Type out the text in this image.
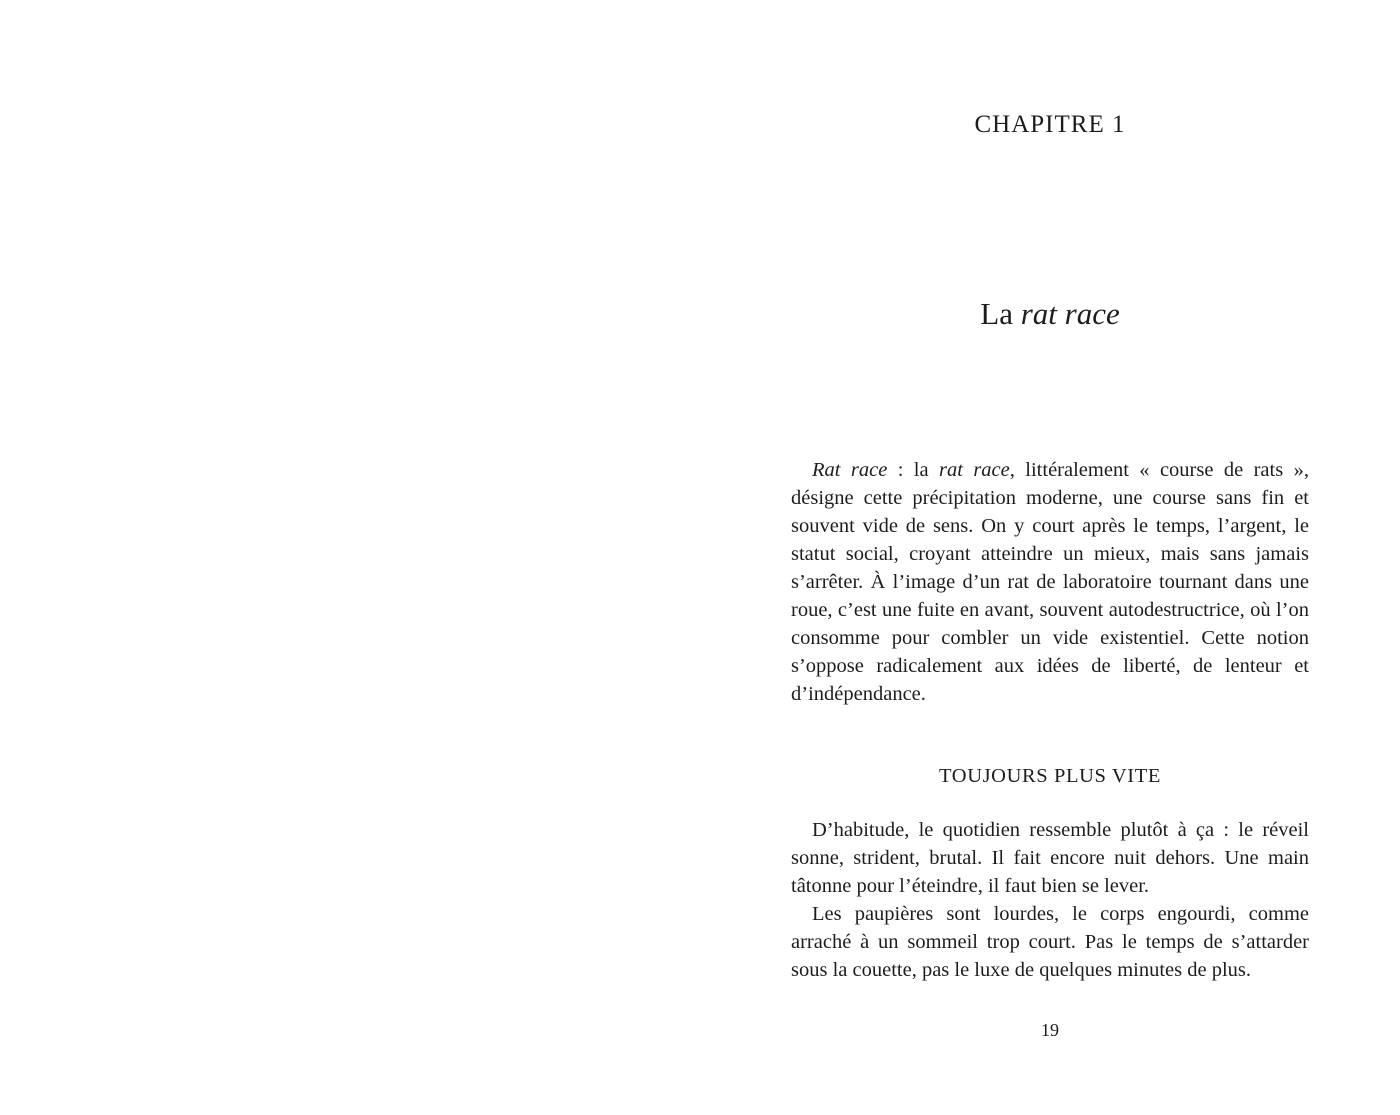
CHAPITRE 1
La rat race

Rat race : la rat race, littéralement « course de rats », désigne cette précipitation moderne, une course sans fin et souvent vide de sens. On y court après le temps, l’argent, le statut social, croyant atteindre un mieux, mais sans jamais s’arrêter. À l’image d’un rat de laboratoire tournant dans une roue, c’est une fuite en avant, souvent autodestructrice, où l’on consomme pour combler un vide existentiel. Cette notion s’oppose radicalement aux idées de liberté, de lenteur et d’indépendance.

TOUJOURS PLUS VITE

D’habitude, le quotidien ressemble plutôt à ça : le réveil sonne, strident, brutal. Il fait encore nuit dehors. Une main tâtonne pour l’éteindre, il faut bien se lever.

Les paupières sont lourdes, le corps engourdi, comme arraché à un sommeil trop court. Pas le temps de s’attarder sous la couette, pas le luxe de quelques minutes de plus.

19
